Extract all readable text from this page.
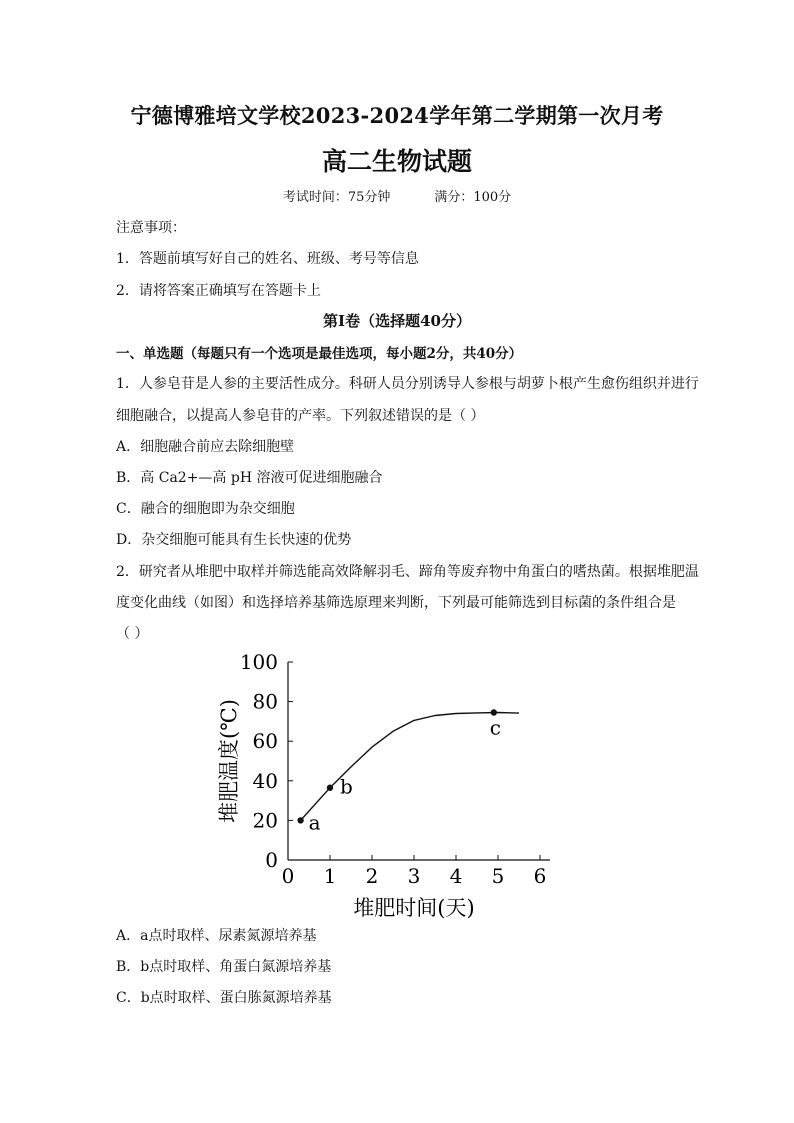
宁德博雅培文学校2023-2024学年第二学期第一次月考
高二生物试题
考试时间：75分钟	满分：100分
注意事项：
1．答题前填写好自己的姓名、班级、考号等信息
2．请将答案正确填写在答题卡上
第I卷（选择题40分）
一、单选题（每题只有一个选项是最佳选项，每小题2分，共40分）
1．人参皂苷是人参的主要活性成分。科研人员分别诱导人参根与胡萝卜根产生愈伤组织并进行
细胞融合，以提高人参皂苷的产率。下列叙述错误的是（ ）
A．细胞融合前应去除细胞壁
B．高 Ca2+—高 pH 溶液可促进细胞融合
C．融合的细胞即为杂交细胞
D．杂交细胞可能具有生长快速的优势
2．研究者从堆肥中取样并筛选能高效降解羽毛、蹄角等废弃物中角蛋白的嗜热菌。根据堆肥温
度变化曲线（如图）和选择培养基筛选原理来判断，下列最可能筛选到目标菌的条件组合是
（ ）
0 1 2 3 4 5 6
0
20
40
60
80
100
a
b
c
堆肥温度(℃)
堆肥时间(天)
A．a点时取样、尿素氮源培养基
B．b点时取样、角蛋白氮源培养基
C．b点时取样、蛋白胨氮源培养基
